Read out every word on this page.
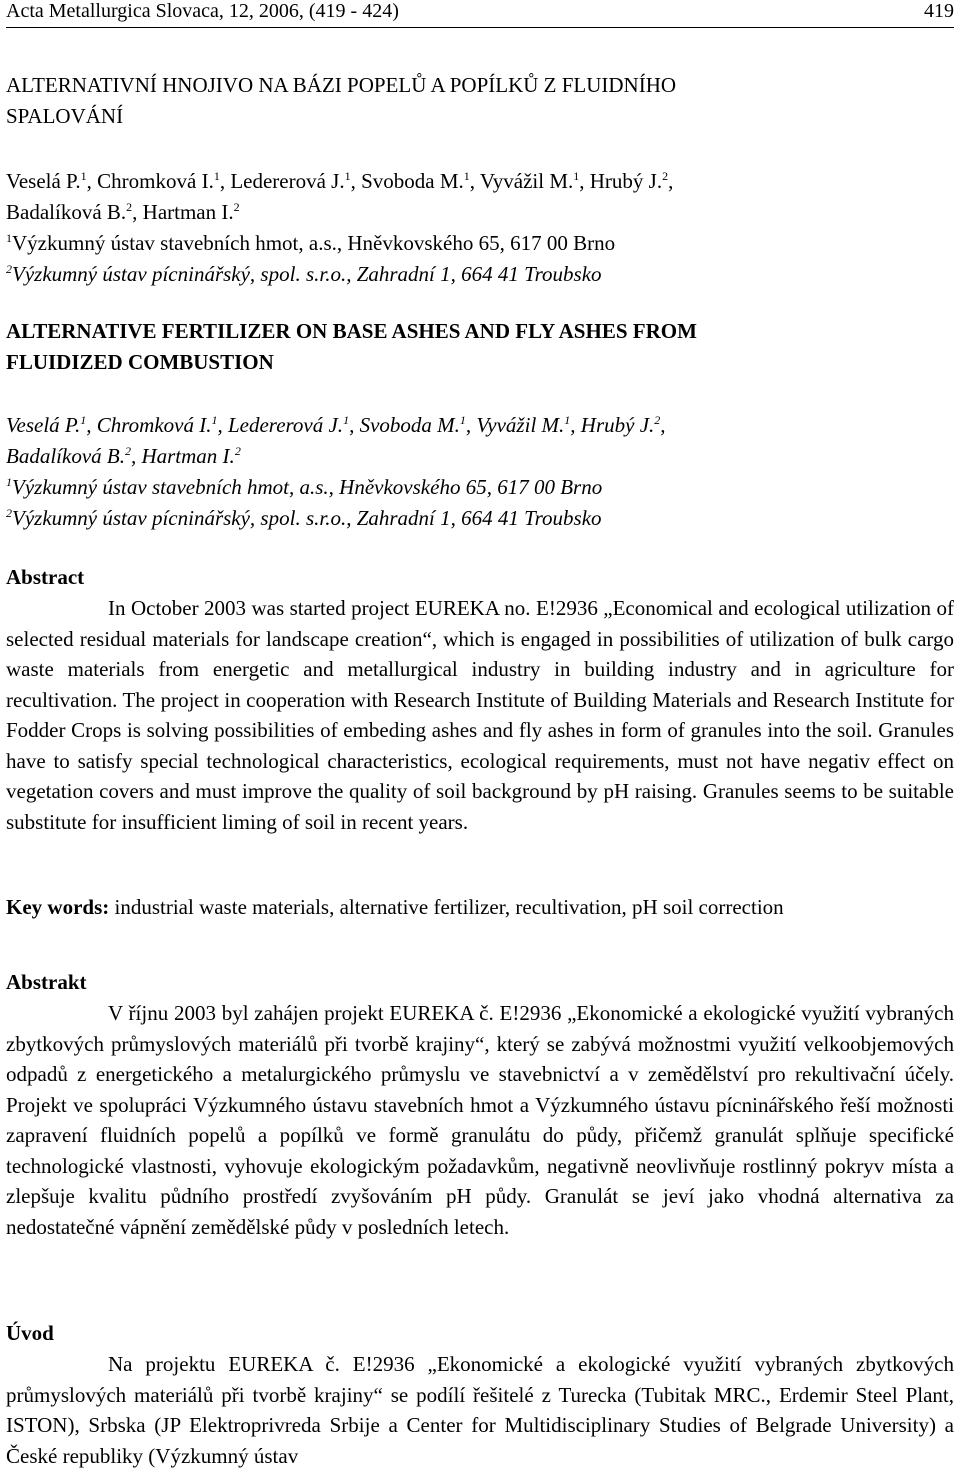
Acta Metallurgica Slovaca, 12, 2006, (419 - 424)	419
ALTERNATIVNÍ HNOJIVO NA BÁZI POPELŮ A POPÍLKŮ Z FLUIDNÍHO
SPALOVÁNÍ
Veselá P.$^1$, Chromková I.$^1$, Ledererová J.$^1$, Svoboda M.$^1$, Vyvážil M.$^1$, Hrubý J.$^2$,
Badalíková B.$^2$, Hartman I.$^2$
$^1$Výzkumný ústav stavebních hmot, a.s., Hněvkovského 65, 617 00 Brno
$^2$Výzkumný ústav pícninářský, spol. s.r.o., Zahradní 1, 664 41 Troubsko
ALTERNATIVE FERTILIZER ON BASE ASHES AND FLY ASHES FROM
FLUIDIZED COMBUSTION
Veselá P.$^1$, Chromková I.$^1$, Ledererová J.$^1$, Svoboda M.$^1$, Vyvážil M.$^1$, Hrubý J.$^2$,
Badalíková B.$^2$, Hartman I.$^2$
$^1$Výzkumný ústav stavebních hmot, a.s., Hněvkovského 65, 617 00 Brno
$^2$Výzkumný ústav pícninářský, spol. s.r.o., Zahradní 1, 664 41 Troubsko
Abstract
In October 2003 was started project EUREKA no. E!2936 „Economical and ecological utilization of selected residual materials for landscape creation“, which is engaged in possibilities of utilization of bulk cargo waste materials from energetic and metallurgical industry in building industry and in agriculture for recultivation. The project in cooperation with Research Institute of Building Materials and Research Institute for Fodder Crops is solving possibilities of embeding ashes and fly ashes in form of granules into the soil. Granules have to satisfy special technological characteristics, ecological requirements, must not have negativ effect on vegetation covers and must improve the quality of soil background by pH raising. Granules seems to be suitable substitute for insufficient liming of soil in recent years.
Key words: industrial waste materials, alternative fertilizer, recultivation, pH soil correction
Abstrakt
V říjnu 2003 byl zahájen projekt EUREKA č. E!2936 „Ekonomické a ekologické využití vybraných zbytkových průmyslových materiálů při tvorbě krajiny“, který se zabývá možnostmi využití velkoobjemových odpadů z energetického a metalurgického průmyslu ve stavebnictví a v zemědělství pro rekultivační účely. Projekt ve spolupráci Výzkumného ústavu stavebních hmot a Výzkumného ústavu pícninářského řeší možnosti zapravení fluidních popelů a popílků ve formě granulátu do půdy, přičemž granulát splňuje specifické technologické vlastnosti, vyhovuje ekologickým požadavkům, negativně neovlivňuje rostlinný pokryv místa a zlepšuje kvalitu půdního prostředí zvyšováním pH půdy. Granulát se jeví jako vhodná alternativa za nedostatečné vápnění zemědělské půdy v posledních letech.
Úvod
Na projektu EUREKA č. E!2936 „Ekonomické a ekologické využití vybraných zbytkových průmyslových materiálů při tvorbě krajiny“ se podílí řešitelé z Turecka (Tubitak MRC., Erdemir Steel Plant, ISTON), Srbska (JP Elektroprivreda Srbije a Center for Multidisciplinary Studies of Belgrade University) a České republiky (Výzkumný ústav
